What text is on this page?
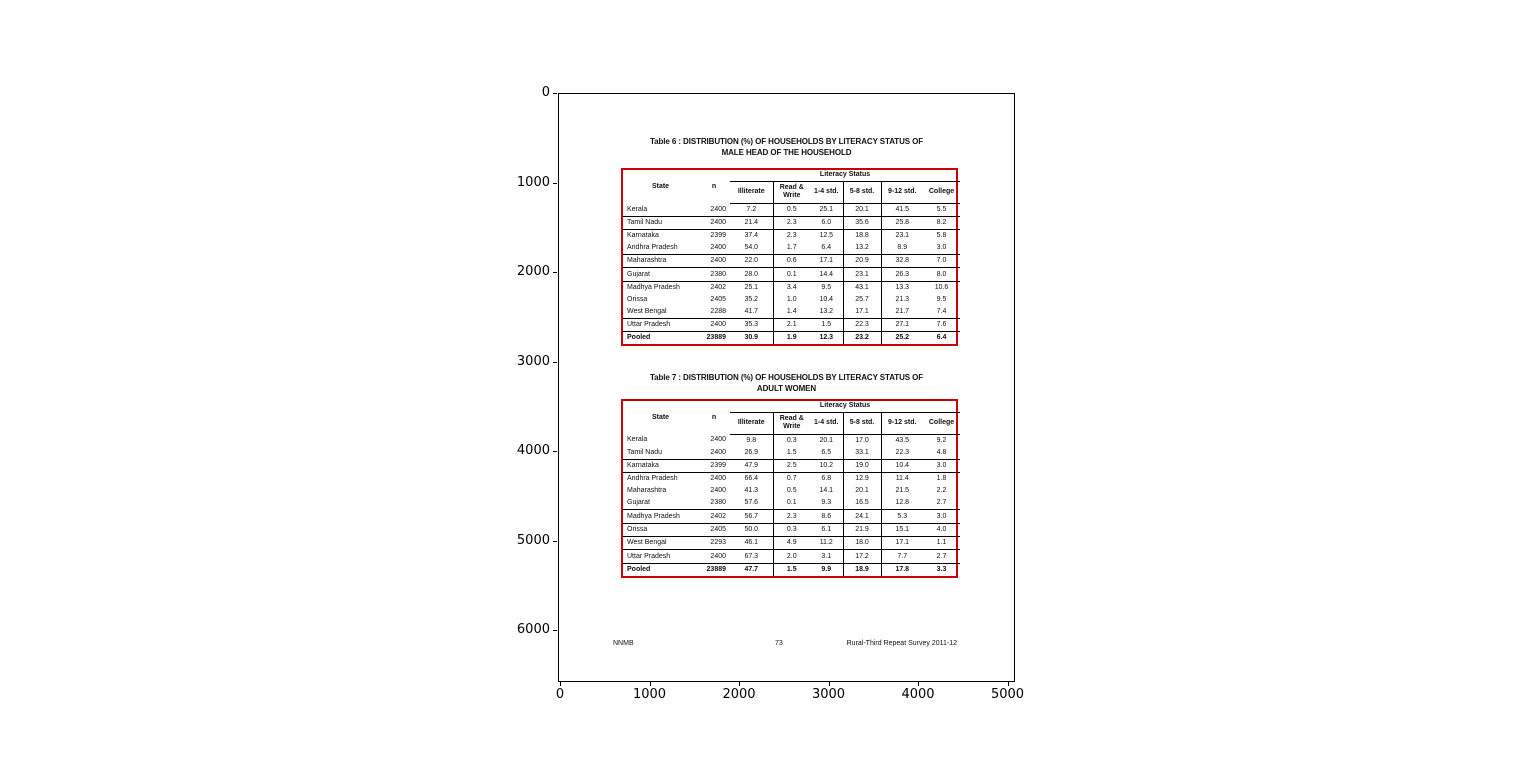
Table 6 : DISTRIBUTION (%) OF HOUSEHOLDS BY LITERACY STATUS OF
MALE HEAD OF THE HOUSEHOLD
State	n	Literacy Status					
		Illiterate	Read & Write	1-4 std.	5-8 std.	9-12 std.	College
Kerala	2400	7.2	0.5	25.1	20.1	41.5	5.5
Tamil Nadu	2400	21.4	2.3	6.0	35.6	25.8	8.2
Karnataka	2399	37.4	2.3	12.5	18.8	23.1	5.8
Andhra Pradesh	2400	54.0	1.7	6.4	13.2	8.9	3.0
Maharashtra	2400	22.0	0.6	17.1	20.9	32.8	7.0
Gujarat	2380	28.0	0.1	14.4	23.1	26.3	8.0
Madhya Pradesh	2402	25.1	3.4	9.5	43.1	13.3	10.6
Orissa	2405	35.2	1.0	10.4	25.7	21.3	9.5
West Bengal	2288	41.7	1.4	13.2	17.1	21.7	7.4
Uttar Pradesh	2400	35.3	2.1	1.5	22.3	27.1	7.6
Pooled	23889	30.9	1.9	12.3	23.2	25.2	6.4
Table 7 : DISTRIBUTION (%) OF HOUSEHOLDS BY LITERACY STATUS OF
ADULT WOMEN
State	n	Literacy Status					
		Illiterate	Read & Write	1-4 std.	5-8 std.	9-12 std.	College
Kerala	2400	9.8	0.3	20.1	17.0	43.5	9.2
Tamil Nadu	2400	26.9	1.5	6.5	33.1	22.3	4.8
Karnataka	2399	47.9	2.5	10.2	19.0	10.4	3.0
Andhra Pradesh	2400	66.4	0.7	6.8	12.9	11.4	1.8
Maharashtra	2400	41.3	0.5	14.1	20.1	21.5	2.2
Gujarat	2380	57.6	0.1	9.3	16.5	12.8	2.7
Madhya Pradesh	2402	56.7	2.3	8.6	24.1	5.3	3.0
Orissa	2405	50.0	0.3	6.1	21.9	15.1	4.0
West Bengal	2293	46.1	4.9	11.2	18.0	17.1	1.1
Uttar Pradesh	2400	67.3	2.0	3.1	17.2	7.7	2.7
Pooled	23889	47.7	1.5	9.9	18.9	17.8	3.3
NNMB	73	Rural-Third Repeat Survey 2011-12
0	1000	2000	3000	4000	5000
0
1000
2000
3000
4000
5000
6000
